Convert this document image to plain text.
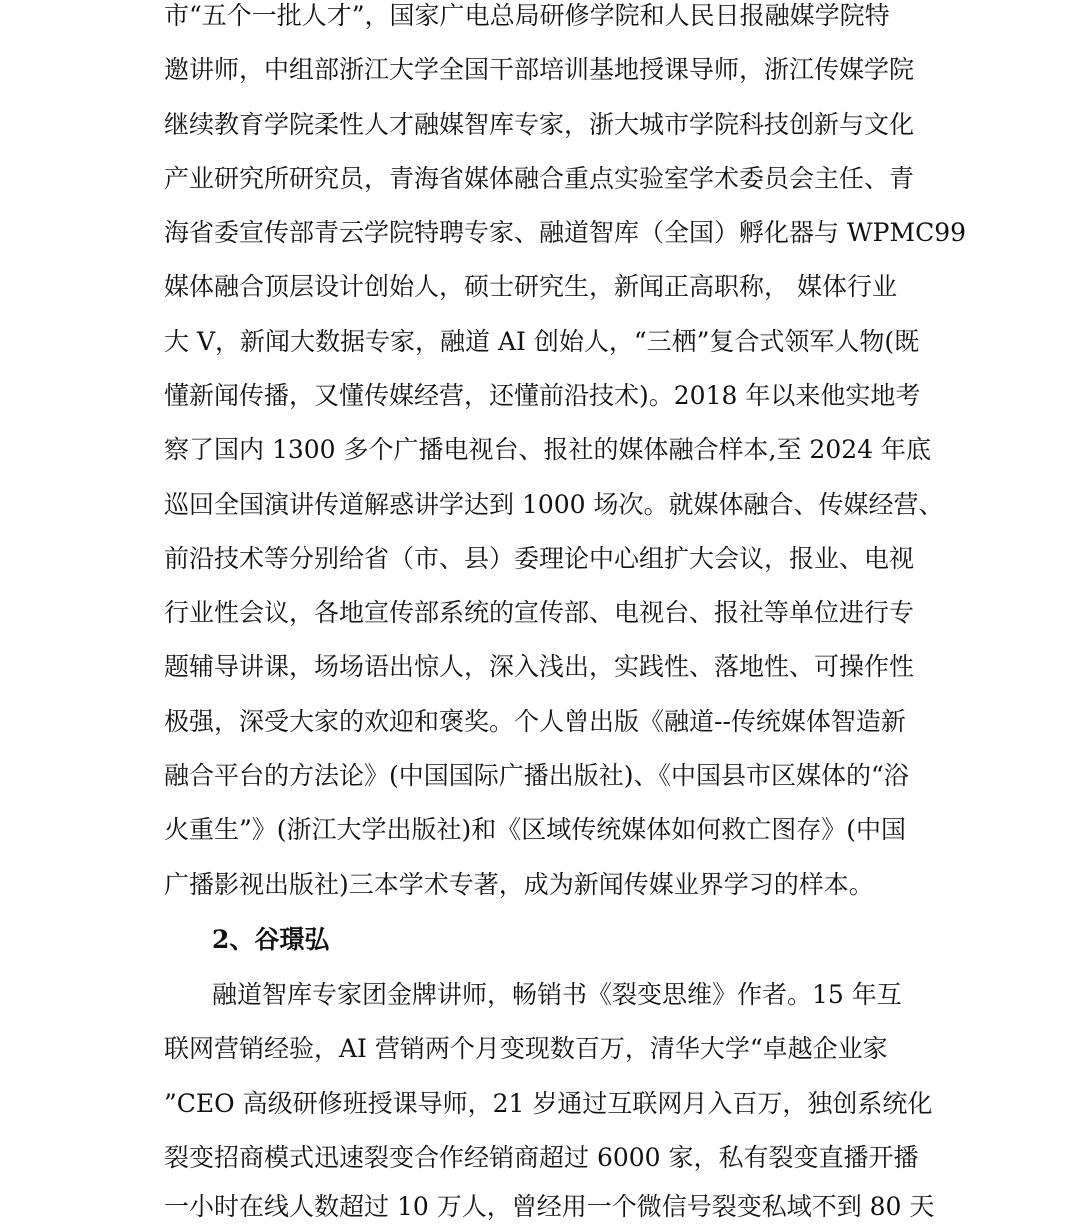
市“五个一批人才”，国家广电总局研修学院和人民日报融媒学院特
邀讲师，中组部浙江大学全国干部培训基地授课导师，浙江传媒学院
继续教育学院柔性人才融媒智库专家，浙大城市学院科技创新与文化
产业研究所研究员，青海省媒体融合重点实验室学术委员会主任、青
海省委宣传部青云学院特聘专家、融道智库（全国）孵化器与 WPMC99
媒体融合顶层设计创始人，硕士研究生，新闻正高职称， 媒体行业
大 V，新闻大数据专家，融道 AI 创始人，“三栖”复合式领军人物(既
懂新闻传播，又懂传媒经营，还懂前沿技术)。2018 年以来他实地考
察了国内 1300 多个广播电视台、报社的媒体融合样本,至 2024 年底
巡回全国演讲传道解惑讲学达到 1000 场次。就媒体融合、传媒经营、
前沿技术等分别给省（市、县）委理论中心组扩大会议，报业、电视
行业性会议，各地宣传部系统的宣传部、电视台、报社等单位进行专
题辅导讲课，场场语出惊人，深入浅出，实践性、落地性、可操作性
极强，深受大家的欢迎和褒奖。个人曾出版《融道--传统媒体智造新
融合平台的方法论》(中国国际广播出版社)、《中国县市区媒体的“浴
火重生”》(浙江大学出版社)和《区域传统媒体如何救亡图存》(中国
广播影视出版社)三本学术专著，成为新闻传媒业界学习的样本。
2、谷璟弘
融道智库专家团金牌讲师，畅销书《裂变思维》作者。15 年互
联网营销经验，AI 营销两个月变现数百万，清华大学“卓越企业家
”CEO 高级研修班授课导师，21 岁通过互联网月入百万，独创系统化
裂变招商模式迅速裂变合作经销商超过 6000 家，私有裂变直播开播
一小时在线人数超过 10 万人，曾经用一个微信号裂变私域不到 80 天
